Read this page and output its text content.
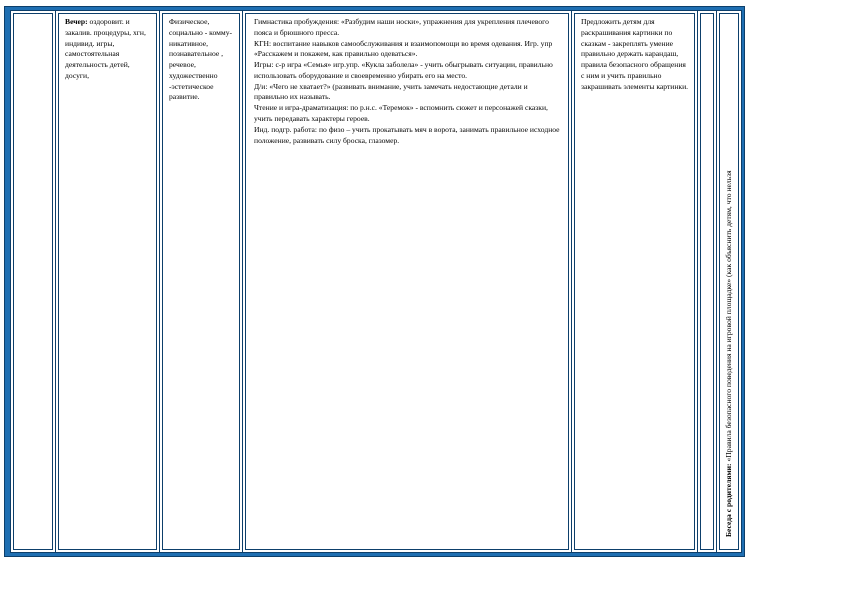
Вечер: оздоровит. и закалив. процедуры, хгн, индивид. игры, самостоятельная деятельность детей, досуги,
Физическое, социально - комму-никативное, познавательное , речевое, художественно -эстетическое развитие.
Гимнастика пробуждения: «Разбудим наши носки», упражнения для укрепления плечевого пояса и брюшного пресса.
КГН: воспитание навыков самообслуживания и взаимопомощи во время одевания. Игр. упр «Расскажем и покажем, как правильно одеваться».
Игры: с-р игра «Семья» игр.упр. «Кукла заболела» - учить обыгрывать ситуации, правильно использовать оборудование и своевременно убирать его на место.
Д/и: «Чего не хватает?» (развивать внимание, учить замечать недостающие детали и правильно их называть.
Чтение и игра-драматизация: по р.н.с. «Теремок» - вспомнить сюжет и персонажей сказки, учить передавать характеры героев.
Инд. подгр. работа: по физо – учить прокатывать мяч в ворота, занимать правильное исходное положение, развивать силу броска, глазомер.
Предложить детям для раскрашивания картинки по сказкам - закреплять умение правильно держать карандаш, правила безопасного обращения с ним и учить правильно закрашивать элементы картинки.
Беседа с родителями: «Правила безопасного поведения на игровой площадке» (как объяснить детям, что нельзя
